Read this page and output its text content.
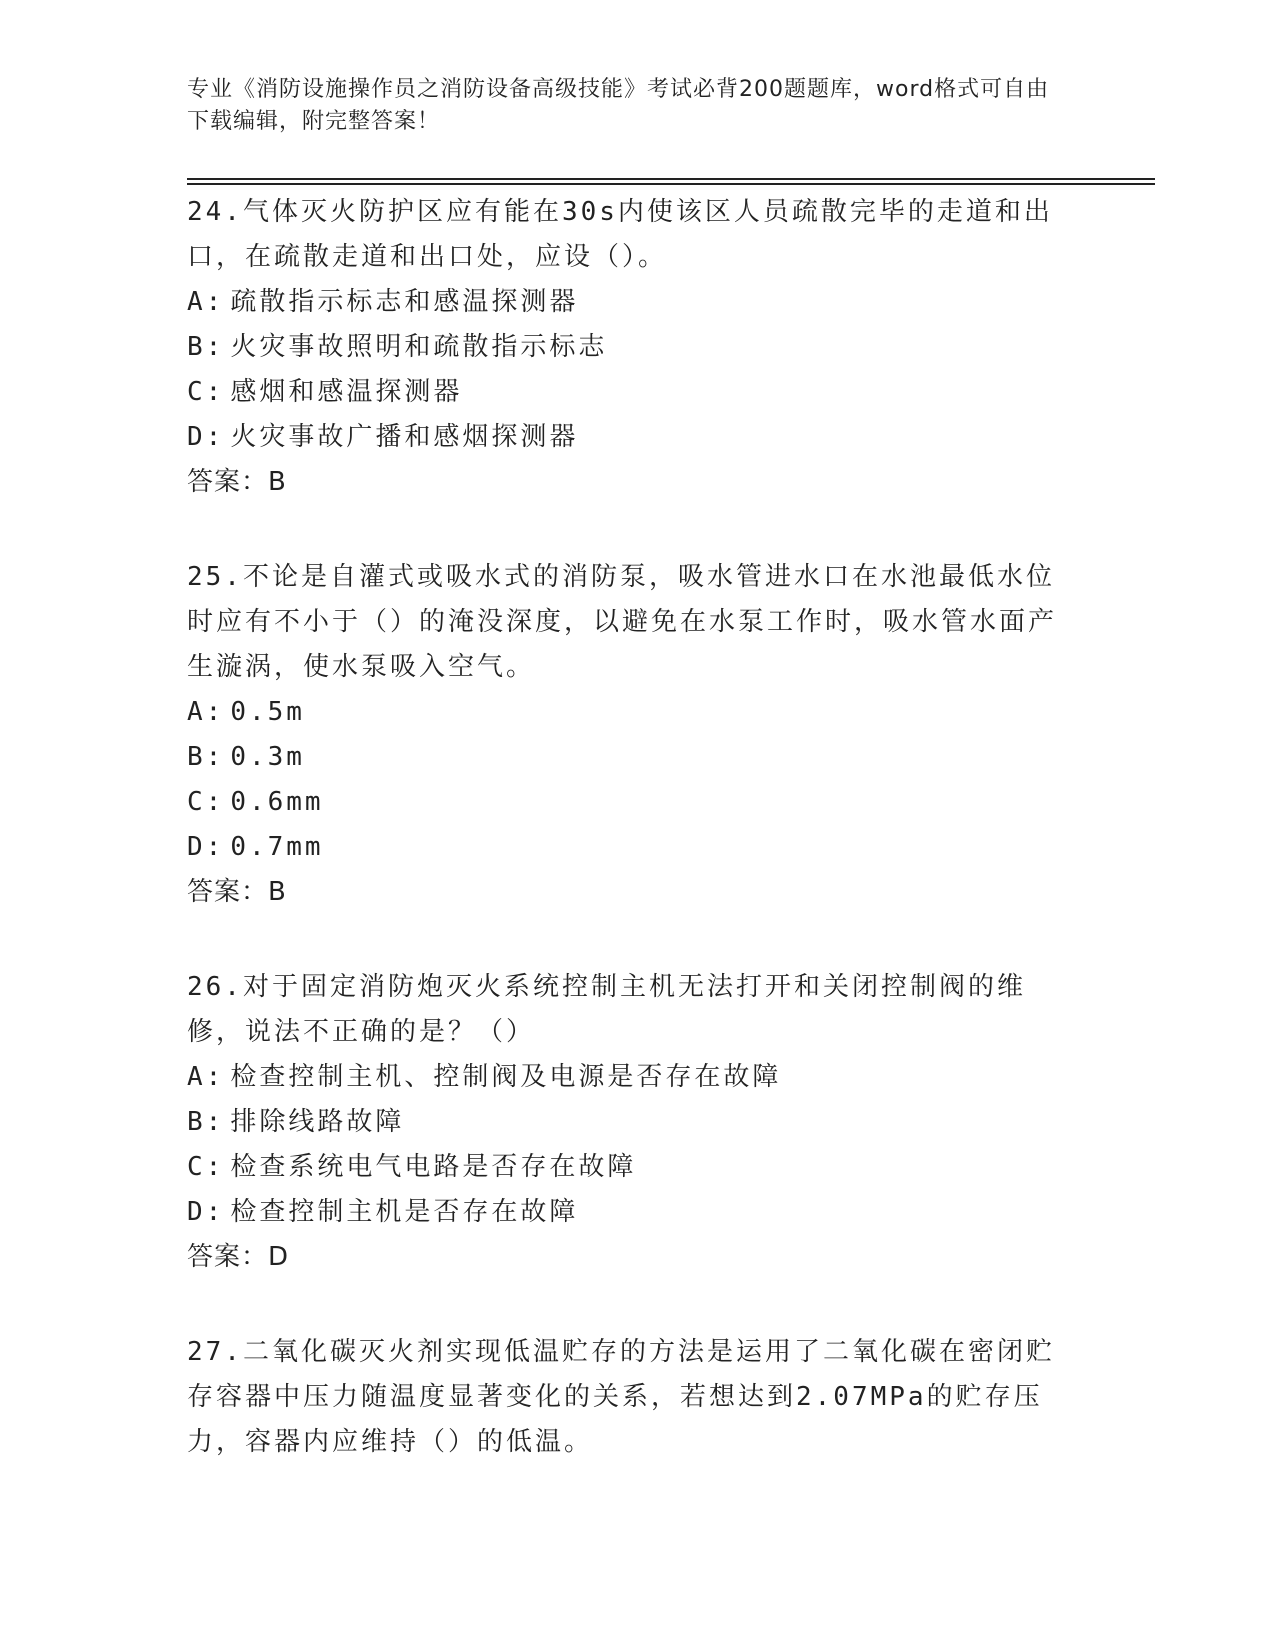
专业《消防设施操作员之消防设备高级技能》考试必背200题题库，word格式可自由下载编辑，附完整答案！

24.气体灭火防护区应有能在30s内使该区人员疏散完毕的走道和出口，在疏散走道和出口处，应设（）。

A: 疏散指示标志和感温探测器

B: 火灾事故照明和疏散指示标志

C: 感烟和感温探测器

D: 火灾事故广播和感烟探测器

答案：B

25.不论是自灌式或吸水式的消防泵，吸水管进水口在水池最低水位时应有不小于（）的淹没深度，以避免在水泵工作时，吸水管水面产生漩涡，使水泵吸入空气。

A: 0.5m

B: 0.3m

C: 0.6mm

D: 0.7mm

答案：B

26.对于固定消防炮灭火系统控制主机无法打开和关闭控制阀的维修，说法不正确的是？（）

A: 检查控制主机、控制阀及电源是否存在故障

B: 排除线路故障

C: 检查系统电气电路是否存在故障

D: 检查控制主机是否存在故障

答案：D

27.二氧化碳灭火剂实现低温贮存的方法是运用了二氧化碳在密闭贮存容器中压力随温度显著变化的关系，若想达到2.07MPa的贮存压力，容器内应维持（）的低温。
